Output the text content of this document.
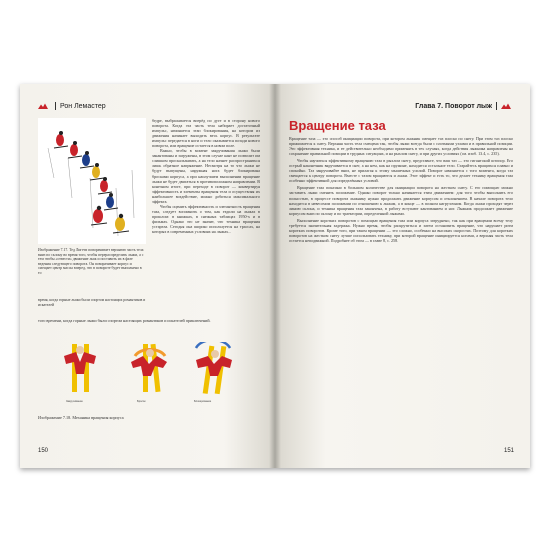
Рон Лемастер
Изображение 7.17. Тед Лигети поворачивает верхнюю часть тела вниз по склону во время того, чтобы перераспределить лыжи, а с тем чтобы «отвести» движение лыж и поставить их в фазе ведения следующего поворота. Он поворачивает корпус и смещает центр массы вперед, что в повороте будет выполнено в то

бедре, выбрасывается вперёд по дуге и в сторону нового поворота. Когда эта часть тела набирает достаточный импульс, начинается этап блокирования, на котором из движения начинает выходить весь корпус. В результате импульс передается в ноги и тело оказывается позади нового поворота, или вращение остается в новом поле.

Важно, чтобы в момент закручивания лыжи были закантованы и загружены, в этом случае кант не позволит им слишком проскальзывать, а на тело начнет распространяться лишь обратное напряжение. Несмотря на то что лыжи не будут выпущены, наружная нога будет блокирована бросками корпуса, а при наилучшем выполнении вращение лыжи не будет двигаться в противоположном направлении. В конечном итоге, при переходе в поворот — конвертируя эффективность и элементы вращения тела и осуществляя их наибольшее воздействие, можно добиться максимального эффекта.

Чтобы оценить эффективность и элегантность вращения таза, следует вспомнить о том, как ездили на лыжах в прошлом: в книжках, в снежных таблицах 1950-х и в фильмах. Однако это не значит, что техника вращения устарела. Сегодня она широко используется на трассах, на которых в современных условиях на лыжах...

время, когда горные лыжи были спортом настоящих романтиков и искателей

того времени, когда горные лыжи были спортом настоящих романтиков и искателей приключений.

Закручивание	Бросок	Блокирование
Изображение 7.18. Механика вращения корпуса
150
Глава 7. Поворот лыж
Вращение таза

Вращение таза — это способ инициации поворота, при котором лыжник смещает таз плоско по снегу. При этом таз плоско прижимается к снегу. Верхняя часть тела смещена так, чтобы лыжи всегда были с плотными узлами и в правильной позиции. Это эффективная техника, и ее действительно необходимо применять в тех случаях, когда действия лыжника направлены на сохранение правильной позиции в трудных ситуациях, и на рыхлом снегу, и при других условиях (см. изоб. 13.4, с. 235).

Чтобы научиться эффективному вращению таза в рыхлом снегу, представьте, что ваш таз — это гигантский штопор. Его острый наконечник вкручивается в снег, а на нем, как на пружине, находится остальное тело. Старайтесь вращаться плавно и спокойно. Таз закручивайте вниз, не прилагая к этому мышечных усилий. Поворот начинается с того момента, когда таз смещается к центру поворота. Вместе с тазом вращаются и лыжи. Этот эффект и есть то, что делает технику вращения таза особенно эффективной для определённых условий.

Вращение таза показано в большом количестве для инициации поворота на жестком снегу. С его помощью можно заставить лыжи сменить положение. Однако поворот только начинается этим движением: для того чтобы выполнить его полностью, в процессе поворота лыжнику нужно продолжать движение корпусом и отклонением. В начале поворота тело находится в невесомом положении по отношению к лыжам, а в конце — в полном нагрузочном. Когда лыжи проходят через линию склона, и техника вращения таза закончена, в работу вступают кантованием и ног. Лыжник продолжает движение корпусом вниз по склону и по траектории, определенной лыжами.

Выполнение коротких поворотов с помощью вращения таза или корпуса затруднено, так как при вращении всему телу требуется значительная задержка. Нужно время, чтобы раскрутиться и затем остановить вращение, что нарушает ритм коротких поворотов. Кроме того, при таком вращении — это сложно, особенно на высоких скоростях. Поэтому для коротких поворотов на жестком снегу лучше использовать технику, при которой вращение инициируется ногами, а верхняя часть тела остается неподвижной. Подробнее об этом — в главе 8, с. 258.

151
